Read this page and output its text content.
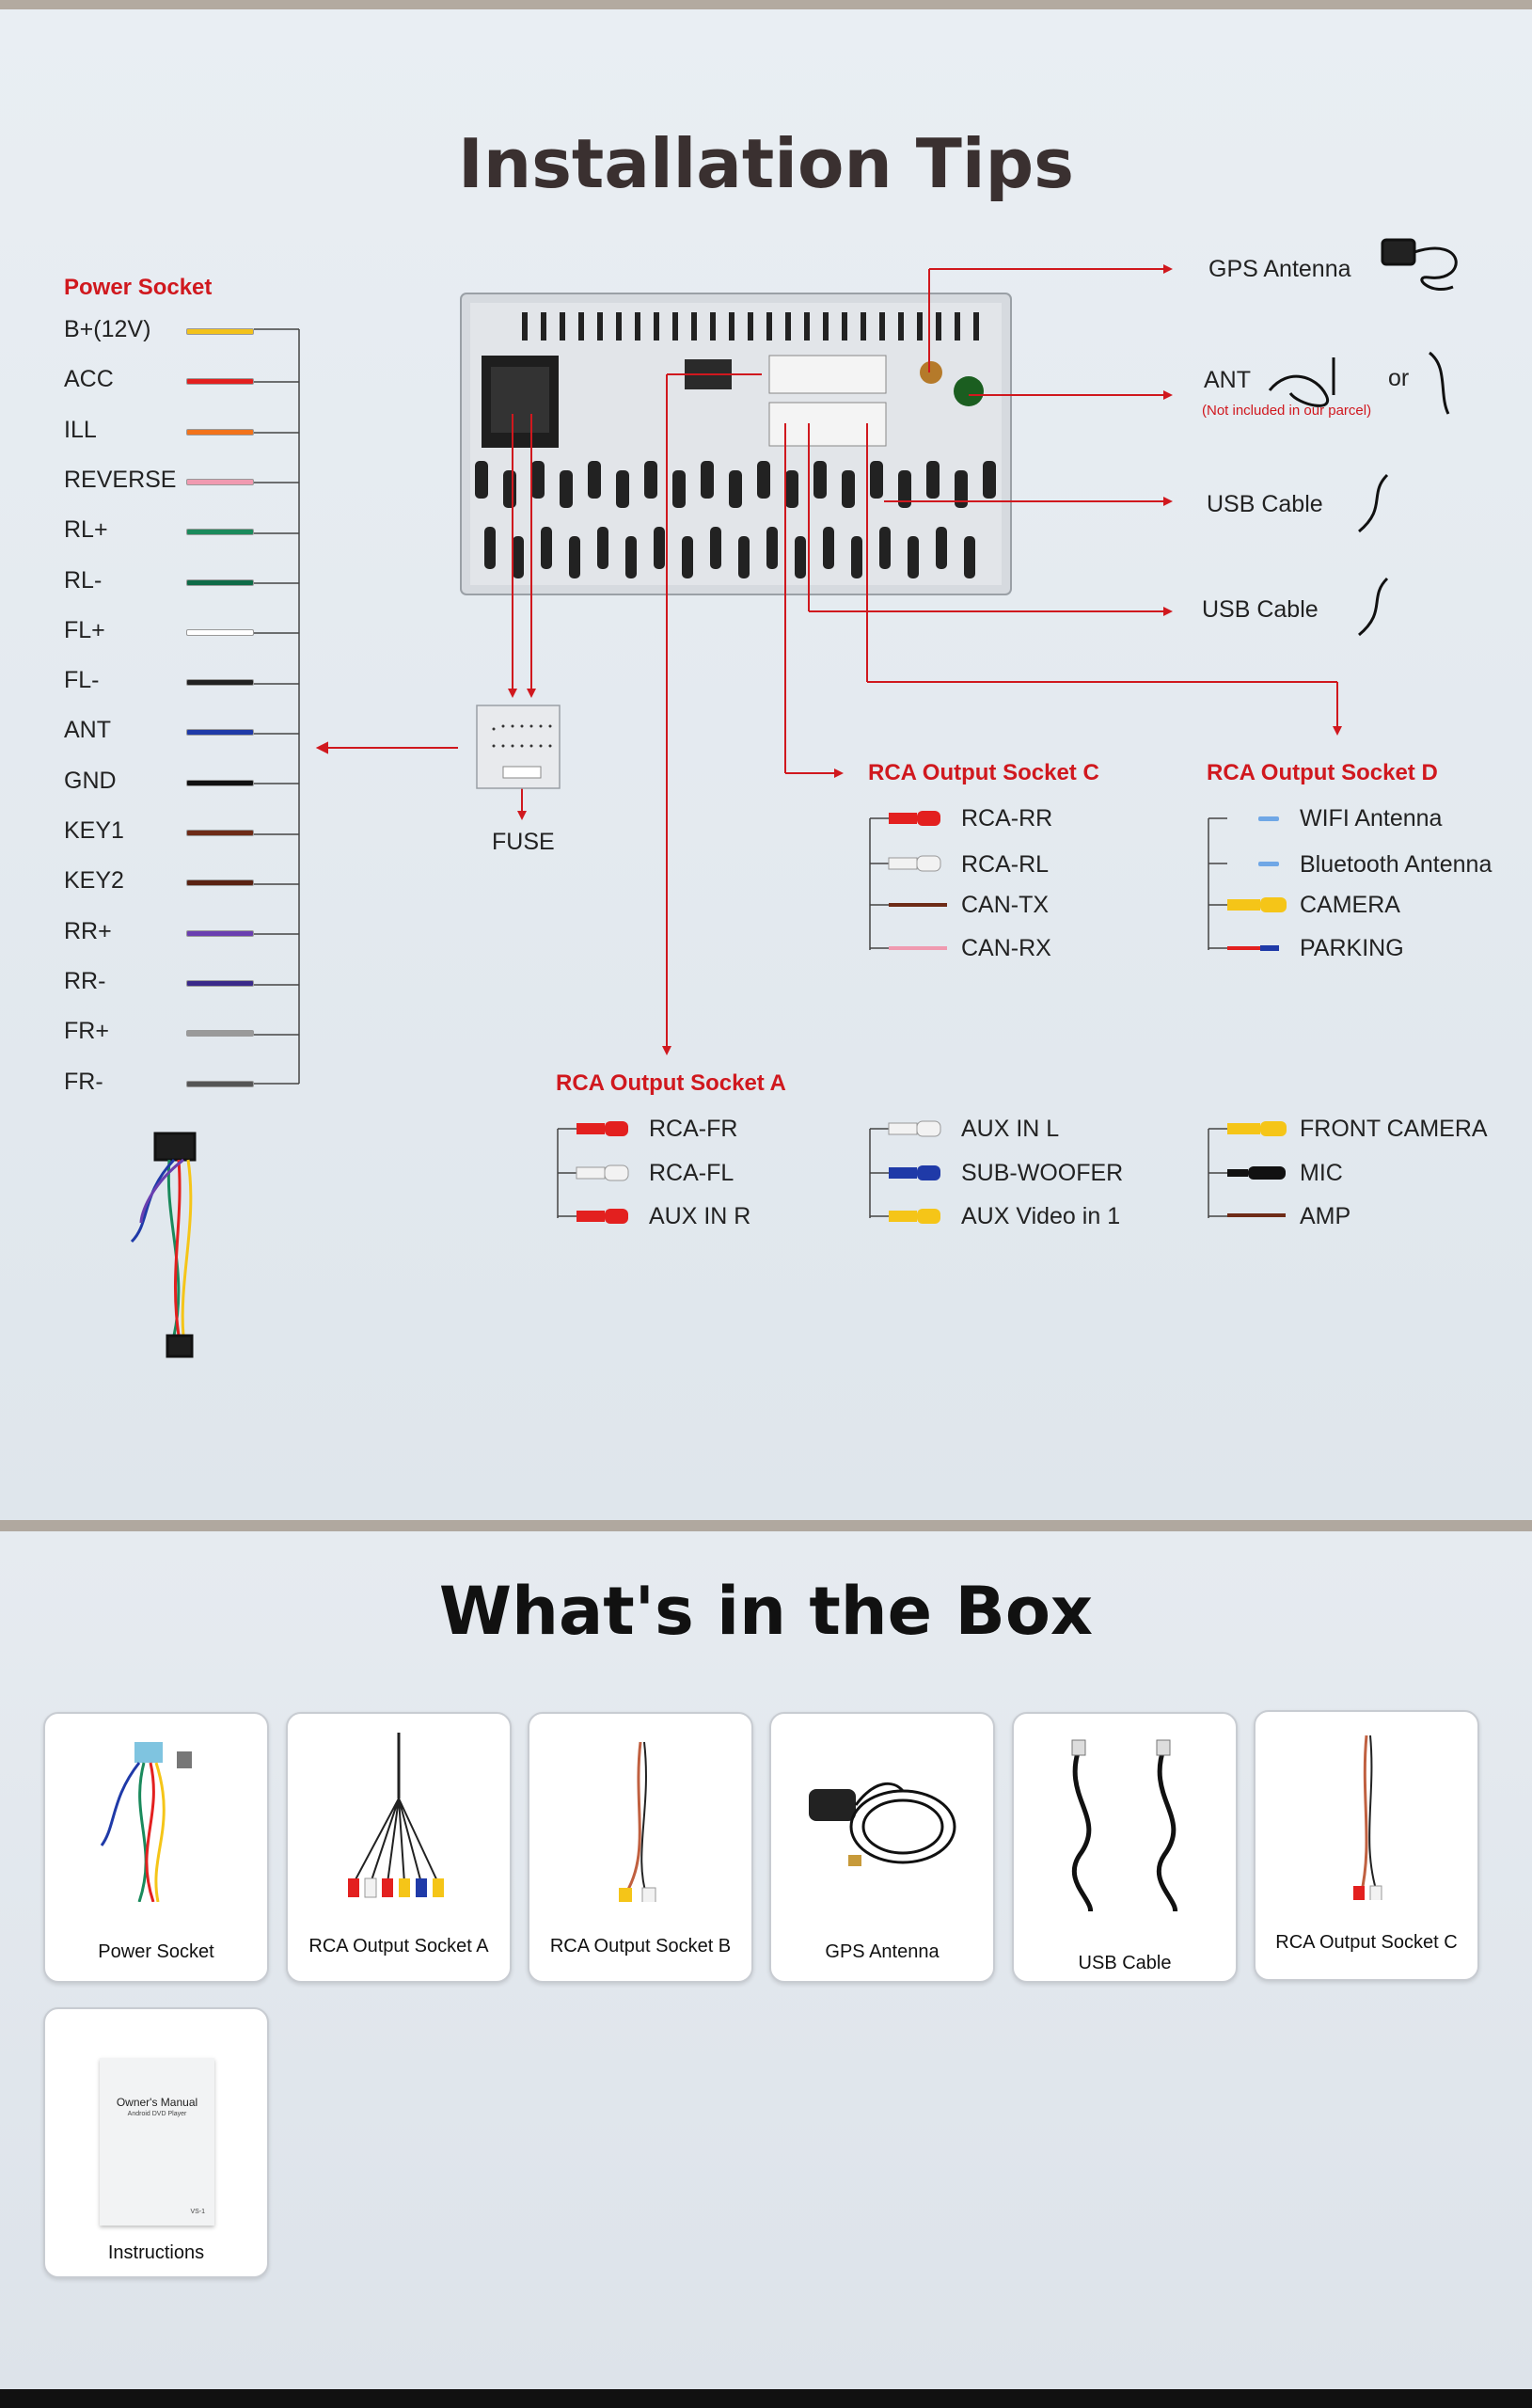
Installation Tips
Power Socket
B+(12V)
ACC
ILL
REVERSE
RL+
RL-
FL+
FL-
ANT
GND
KEY1
KEY2
RR+
RR-
FR+
FR-
FUSE
GPS Antenna
ANT
(Not included in our parcel)
or
USB Cable
USB Cable
RCA Output Socket C
RCA-RR
RCA-RL
CAN-TX
CAN-RX
RCA Output Socket D
WIFI Antenna
Bluetooth Antenna
CAMERA
PARKING
RCA Output Socket A
RCA-FR
RCA-FL
AUX IN R
AUX IN L
SUB-WOOFER
AUX Video in 1
FRONT CAMERA
MIC
AMP
What's in the Box
Power Socket	RCA Output Socket A	RCA Output Socket B	GPS Antenna
USB Cable
RCA Output Socket C
Owner's Manual
Android DVD Player
VS-1
Instructions
